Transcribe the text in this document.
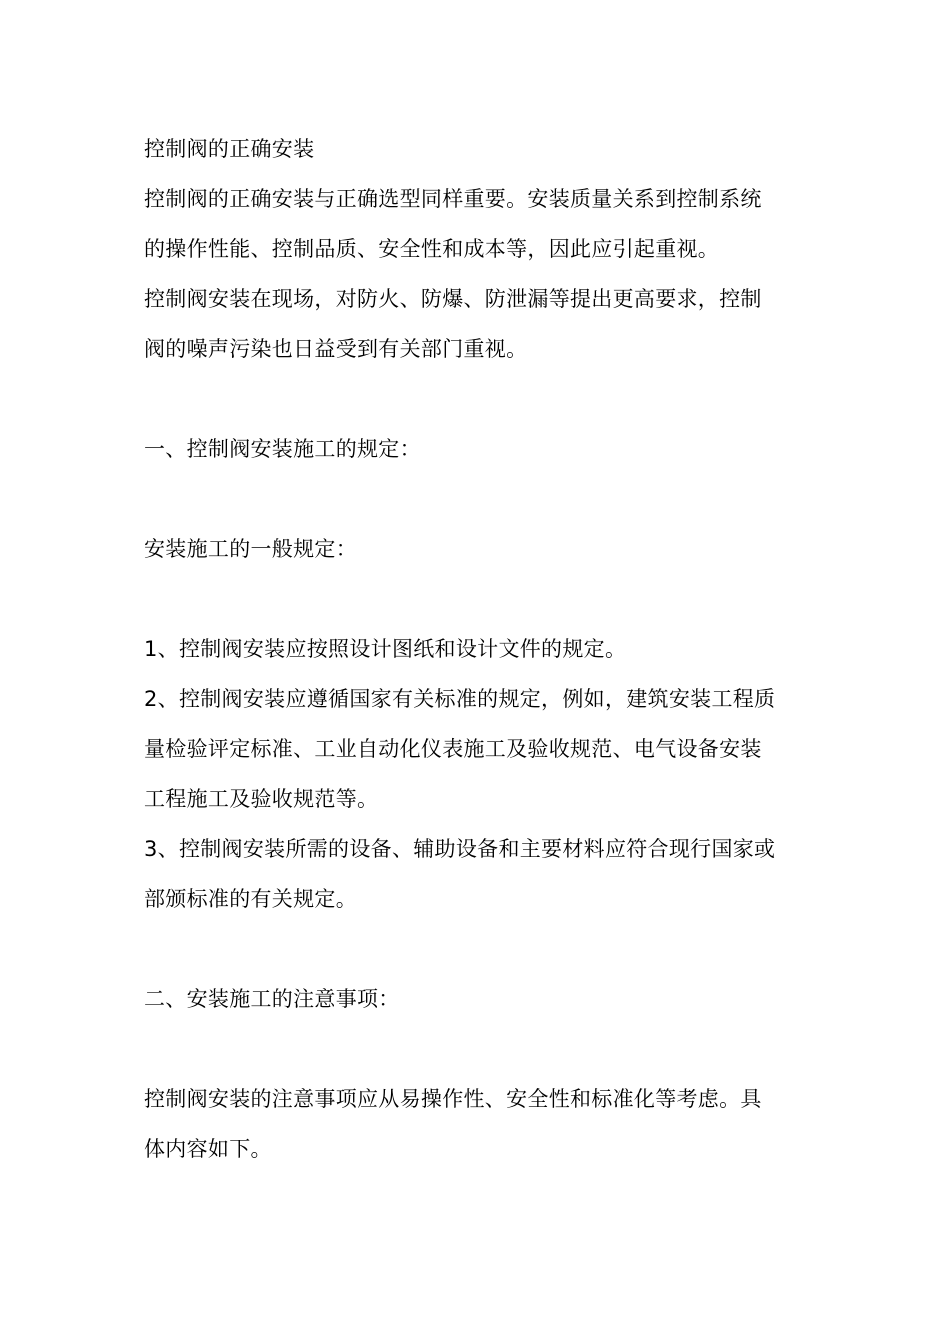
控制阀的正确安装
控制阀的正确安装与正确选型同样重要。安装质量关系到控制系统
的操作性能、控制品质、安全性和成本等，因此应引起重视。
控制阀安装在现场，对防火、防爆、防泄漏等提出更高要求，控制
阀的噪声污染也日益受到有关部门重视。
一、控制阀安装施工的规定：
安装施工的一般规定：
1、控制阀安装应按照设计图纸和设计文件的规定。
2、控制阀安装应遵循国家有关标准的规定，例如，建筑安装工程质
量检验评定标准、工业自动化仪表施工及验收规范、电气设备安装
工程施工及验收规范等。
3、控制阀安装所需的设备、辅助设备和主要材料应符合现行国家或
部颁标准的有关规定。
二、安装施工的注意事项：
控制阀安装的注意事项应从易操作性、安全性和标准化等考虑。具
体内容如下。
